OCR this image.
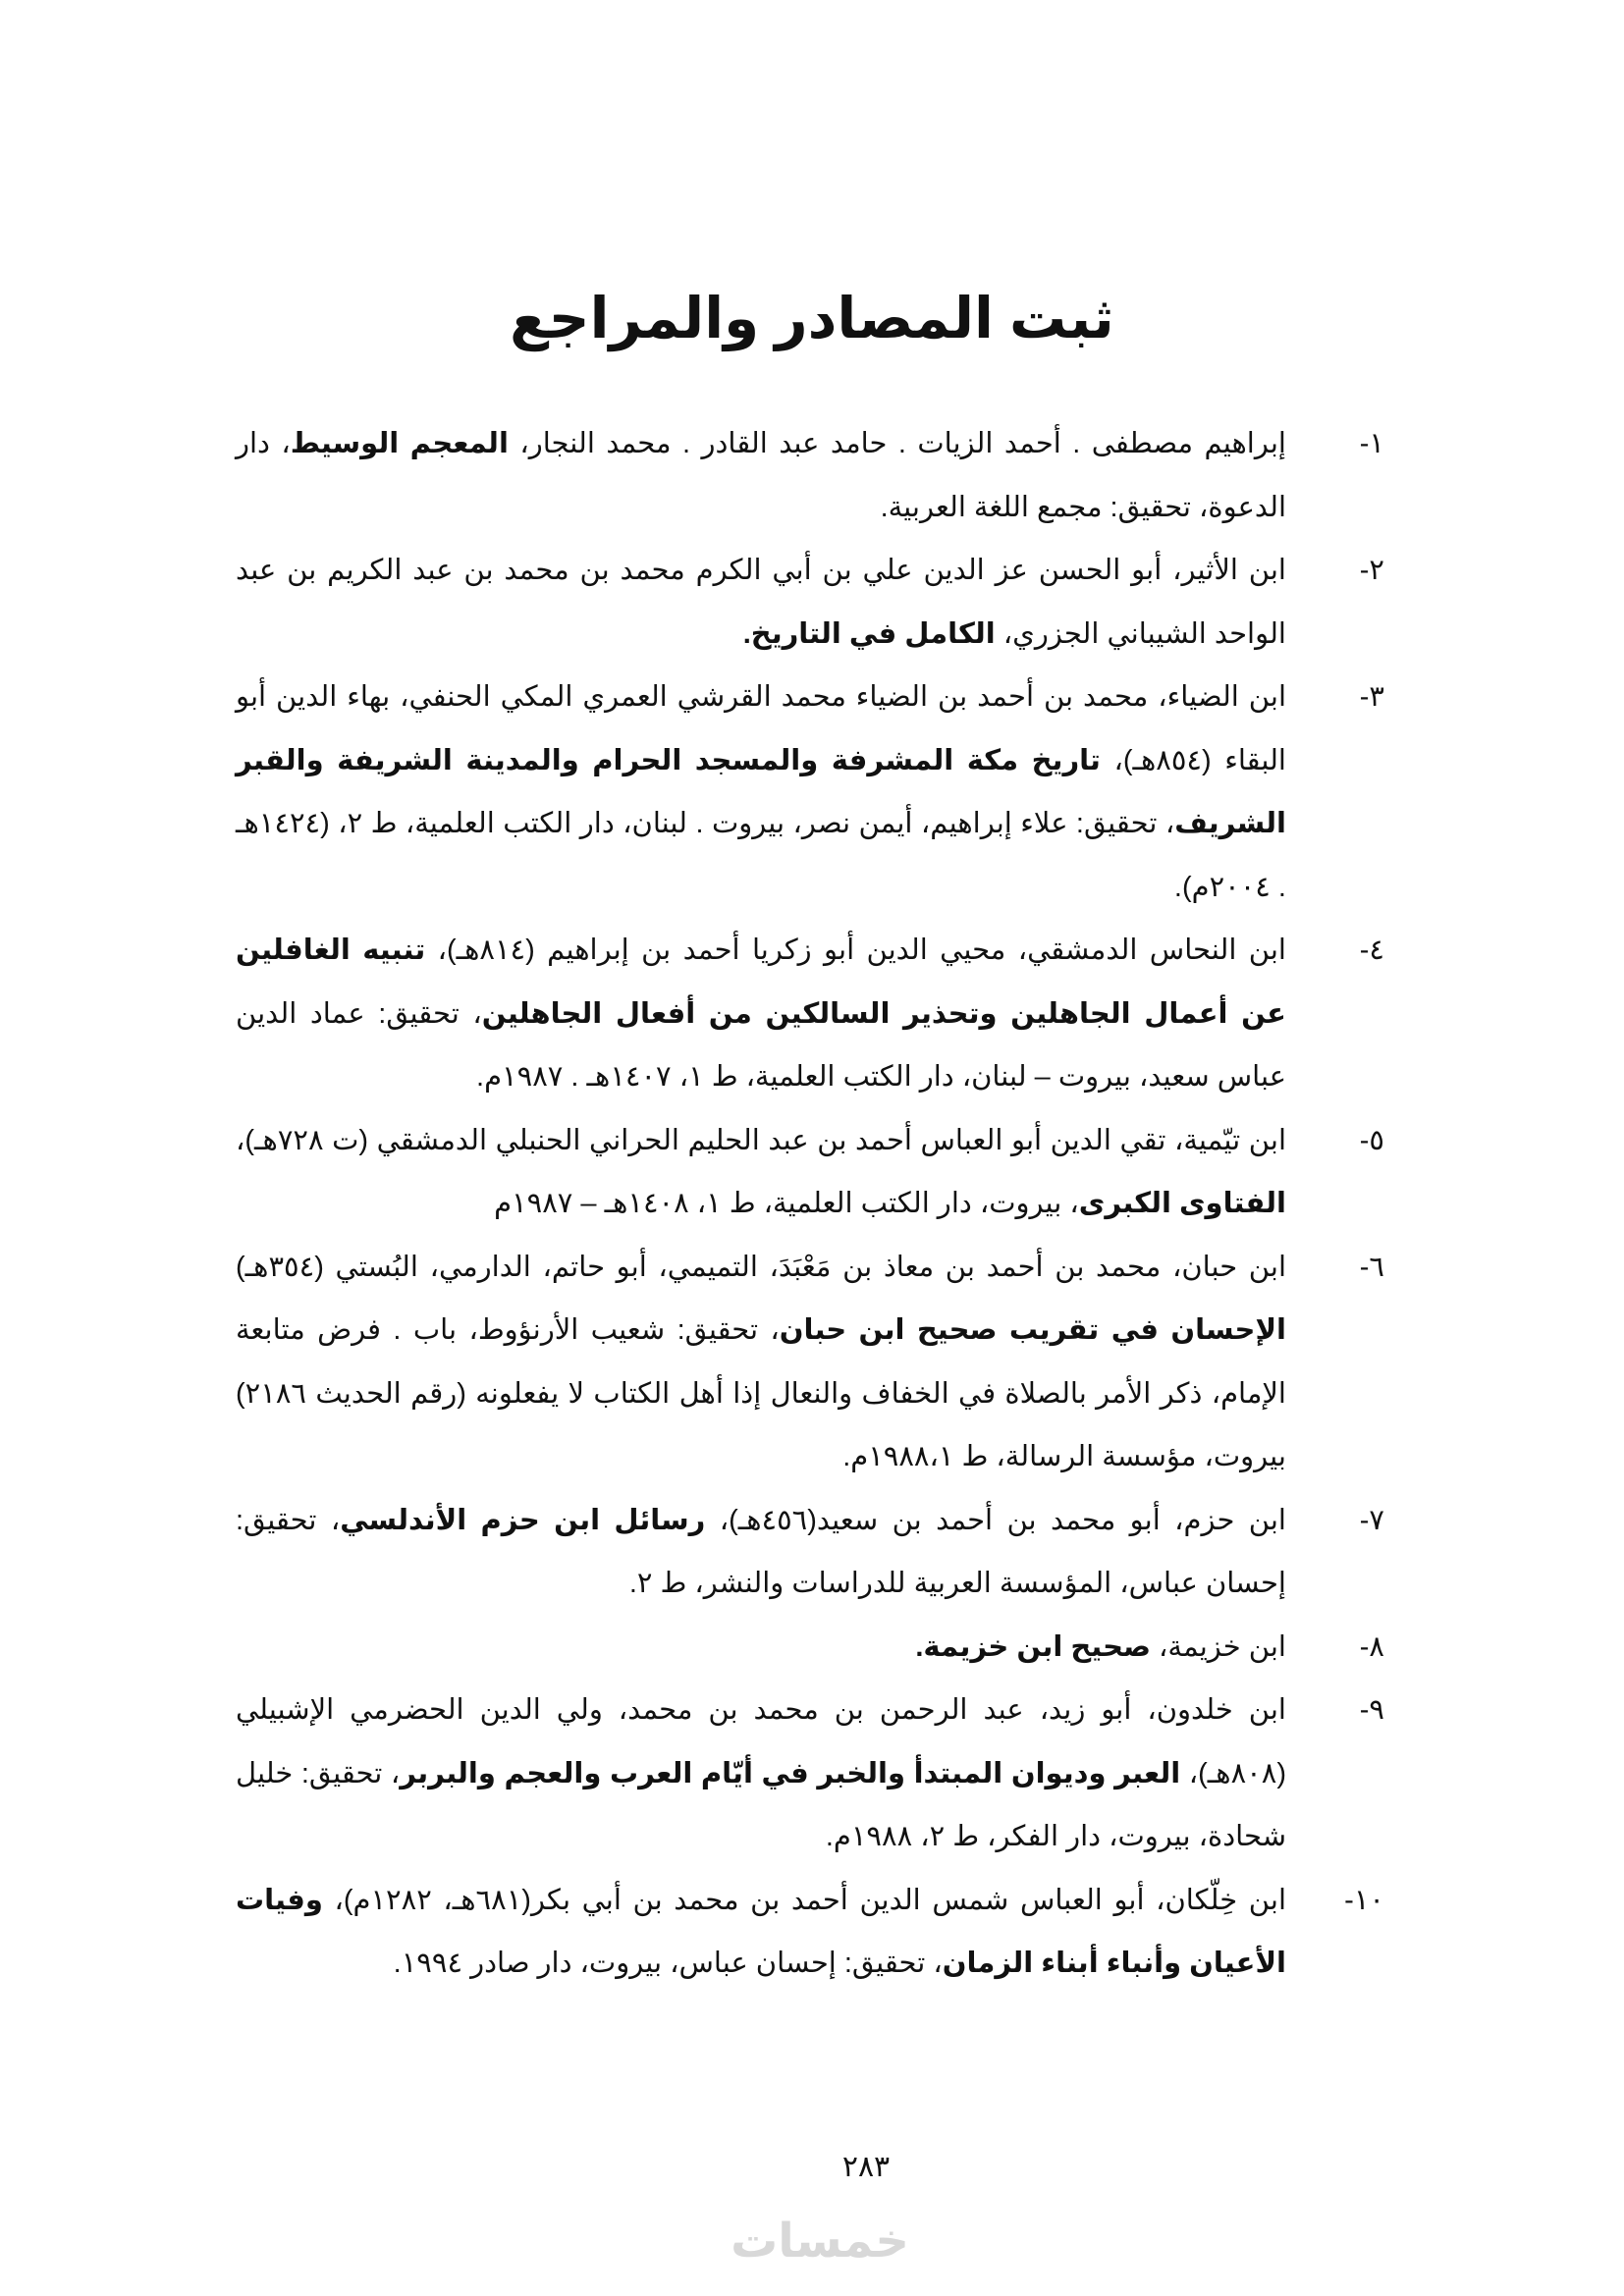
ثبت المصادر والمراجع
١-
إبراهيم مصطفى . أحمد الزيات . حامد عبد القادر . محمد النجار، المعجم الوسيط، دار الدعوة، تحقيق: مجمع اللغة العربية.
٢-
ابن الأثير، أبو الحسن عز الدين علي بن أبي الكرم محمد بن محمد بن عبد الكريم بن عبد الواحد الشيباني الجزري، الكامل في التاريخ.
٣-
ابن الضياء، محمد بن أحمد بن الضياء محمد القرشي العمري المكي الحنفي، بهاء الدين أبو البقاء (٨٥٤هـ)، تاريخ مكة المشرفة والمسجد الحرام والمدينة الشريفة والقبر الشريف، تحقيق: علاء إبراهيم، أيمن نصر، بيروت . لبنان، دار الكتب العلمية، ط ٢، (١٤٢٤هـ . ٢٠٠٤م).
٤-
ابن النحاس الدمشقي، محيي الدين أبو زكريا أحمد بن إبراهيم (٨١٤هـ)، تنبيه الغافلين عن أعمال الجاهلين وتحذير السالكين من أفعال الجاهلين، تحقيق: عماد الدين عباس سعيد، بيروت – لبنان، دار الكتب العلمية، ط ١، ١٤٠٧هـ . ١٩٨٧م.
٥-
ابن تيّمية، تقي الدين أبو العباس أحمد بن عبد الحليم الحراني الحنبلي الدمشقي (ت ٧٢٨هـ)، الفتاوى الكبرى، بيروت، دار الكتب العلمية، ط ١، ١٤٠٨هـ – ١٩٨٧م
٦-
ابن حبان، محمد بن أحمد بن معاذ بن مَعْبَدَ، التميمي، أبو حاتم، الدارمي، البُستي (٣٥٤هـ) الإحسان في تقريب صحيح ابن حبان، تحقيق: شعيب الأرنؤوط، باب . فرض متابعة الإمام، ذكر الأمر بالصلاة في الخفاف والنعال إذا أهل الكتاب لا يفعلونه (رقم الحديث ٢١٨٦) بيروت، مؤسسة الرسالة، ط ١٩٨٨،١م.
٧-
ابن حزم، أبو محمد بن أحمد بن سعيد(٤٥٦هـ)، رسائل ابن حزم الأندلسي، تحقيق: إحسان عباس، المؤسسة العربية للدراسات والنشر، ط ٢.
٨-
ابن خزيمة، صحيح ابن خزيمة.
٩-
ابن خلدون، أبو زيد، عبد الرحمن بن محمد بن محمد، ولي الدين الحضرمي الإشبيلي (٨٠٨هـ)، العبر وديوان المبتدأ والخبر في أيّام العرب والعجم والبربر، تحقيق: خليل شحادة، بيروت، دار الفكر، ط ٢، ١٩٨٨م.
١٠-
ابن خِلّكان، أبو العباس شمس الدين أحمد بن محمد بن أبي بكر(٦٨١هـ، ١٢٨٢م)، وفيات الأعيان وأنباء أبناء الزمان، تحقيق: إحسان عباس، بيروت، دار صادر ١٩٩٤.
٢٨٣
خمسات
